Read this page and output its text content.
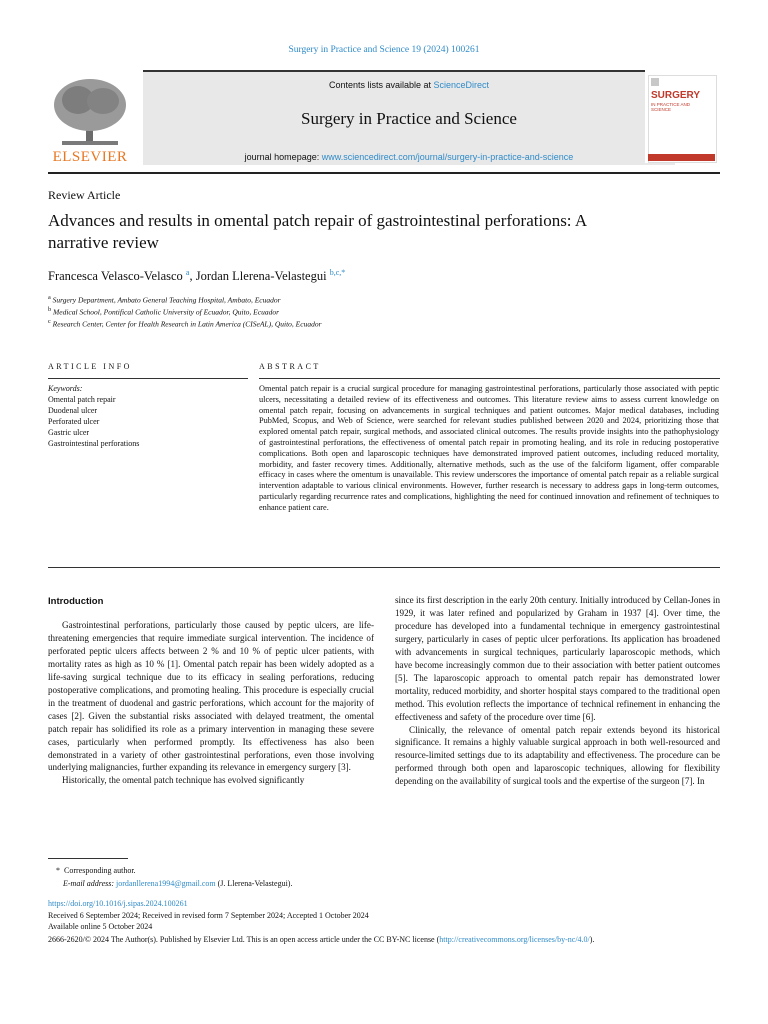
Surgery in Practice and Science 19 (2024) 100261
ELSEVIER
Contents lists available at ScienceDirect
Surgery in Practice and Science
journal homepage: www.sciencedirect.com/journal/surgery-in-practice-and-science
SURGERY
IN PRACTICE AND SCIENCE
Review Article
Advances and results in omental patch repair of gastrointestinal perforations: A narrative review
Francesca Velasco-Velasco $^a$, Jordan Llerena-Velastegui $^{b,c,*}$
$^a$ Surgery Department, Ambato General Teaching Hospital, Ambato, Ecuador
$^b$ Medical School, Pontifical Catholic University of Ecuador, Quito, Ecuador
$^c$ Research Center, Center for Health Research in Latin America (CISeAL), Quito, Ecuador
ARTICLE INFO
Keywords:
Omental patch repair
Duodenal ulcer
Perforated ulcer
Gastric ulcer
Gastrointestinal perforations
ABSTRACT
Omental patch repair is a crucial surgical procedure for managing gastrointestinal perforations, particularly those associated with peptic ulcers, necessitating a detailed review of its effectiveness and outcomes. This literature review aims to assess current knowledge on omental patch repair, focusing on advancements in surgical techniques and patient outcomes. Major medical databases, including PubMed, Scopus, and Web of Science, were searched for relevant studies published between 2020 and 2024, prioritizing those that explored omental patch repair, surgical methods, and associated clinical outcomes. The results provide insights into the pathophysiology of gastrointestinal perforations, the effectiveness of omental patch repair in promoting healing, and its role in reducing postoperative complications. Both open and laparoscopic techniques have demonstrated improved patient outcomes, including reduced mortality, morbidity, and faster recovery times. Additionally, alternative methods, such as the use of the falciform ligament, offer comparable efficacy in cases where the omentum is unavailable. This review underscores the importance of omental patch repair as a reliable surgical intervention adaptable to various clinical environments. However, further research is necessary to address gaps in long-term outcomes, particularly regarding recurrence rates and complications, highlighting the need for continued innovation and refinement of techniques to enhance patient care.
Introduction

Gastrointestinal perforations, particularly those caused by peptic ulcers, are life-threatening emergencies that require immediate surgical intervention. The incidence of perforated peptic ulcers affects between 2 % and 10 % of peptic ulcer patients, with mortality rates as high as 10 % [1]. Omental patch repair has been widely adopted as a life-saving surgical technique due to its efficacy in sealing perforations, reducing postoperative complications, and promoting healing. This procedure is especially crucial in the treatment of duodenal and gastric perforations, which account for the majority of cases [2]. Given the substantial risks associated with delayed treatment, the omental patch repair has solidified its role as a primary intervention in managing these severe cases, particularly when performed promptly. Its effectiveness has also been demonstrated in a variety of other gastrointestinal perforations, even those involving underlying malignancies, further expanding its relevance in emergency surgery [3].

Historically, the omental patch technique has evolved significantly

since its first description in the early 20th century. Initially introduced by Cellan-Jones in 1929, it was later refined and popularized by Graham in 1937 [4]. Over time, the procedure has developed into a fundamental technique in emergency gastrointestinal surgery, particularly in cases of peptic ulcer perforations. Its application has broadened with advancements in surgical techniques, particularly laparoscopic methods, which have become increasingly common due to their association with better patient outcomes [5]. The laparoscopic approach to omental patch repair has demonstrated lower mortality, reduced morbidity, and shorter hospital stays compared to the traditional open method. This evolution reflects the importance of technical refinement in enhancing the effectiveness and safety of the procedure over time [6].

Clinically, the relevance of omental patch repair extends beyond its historical significance. It remains a highly valuable surgical approach in both well-resourced and resource-limited settings due to its adaptability and effectiveness. The procedure can be performed through both open and laparoscopic techniques, allowing for flexibility depending on the availability of surgical tools and the expertise of the surgeon [7]. In

*  Corresponding author.
E-mail address: jordanllerena1994@gmail.com (J. Llerena-Velastegui).
https://doi.org/10.1016/j.sipas.2024.100261
Received 6 September 2024; Received in revised form 7 September 2024; Accepted 1 October 2024
Available online 5 October 2024
2666-2620/© 2024 The Author(s). Published by Elsevier Ltd. This is an open access article under the CC BY-NC license (http://creativecommons.org/licenses/by-nc/4.0/).
